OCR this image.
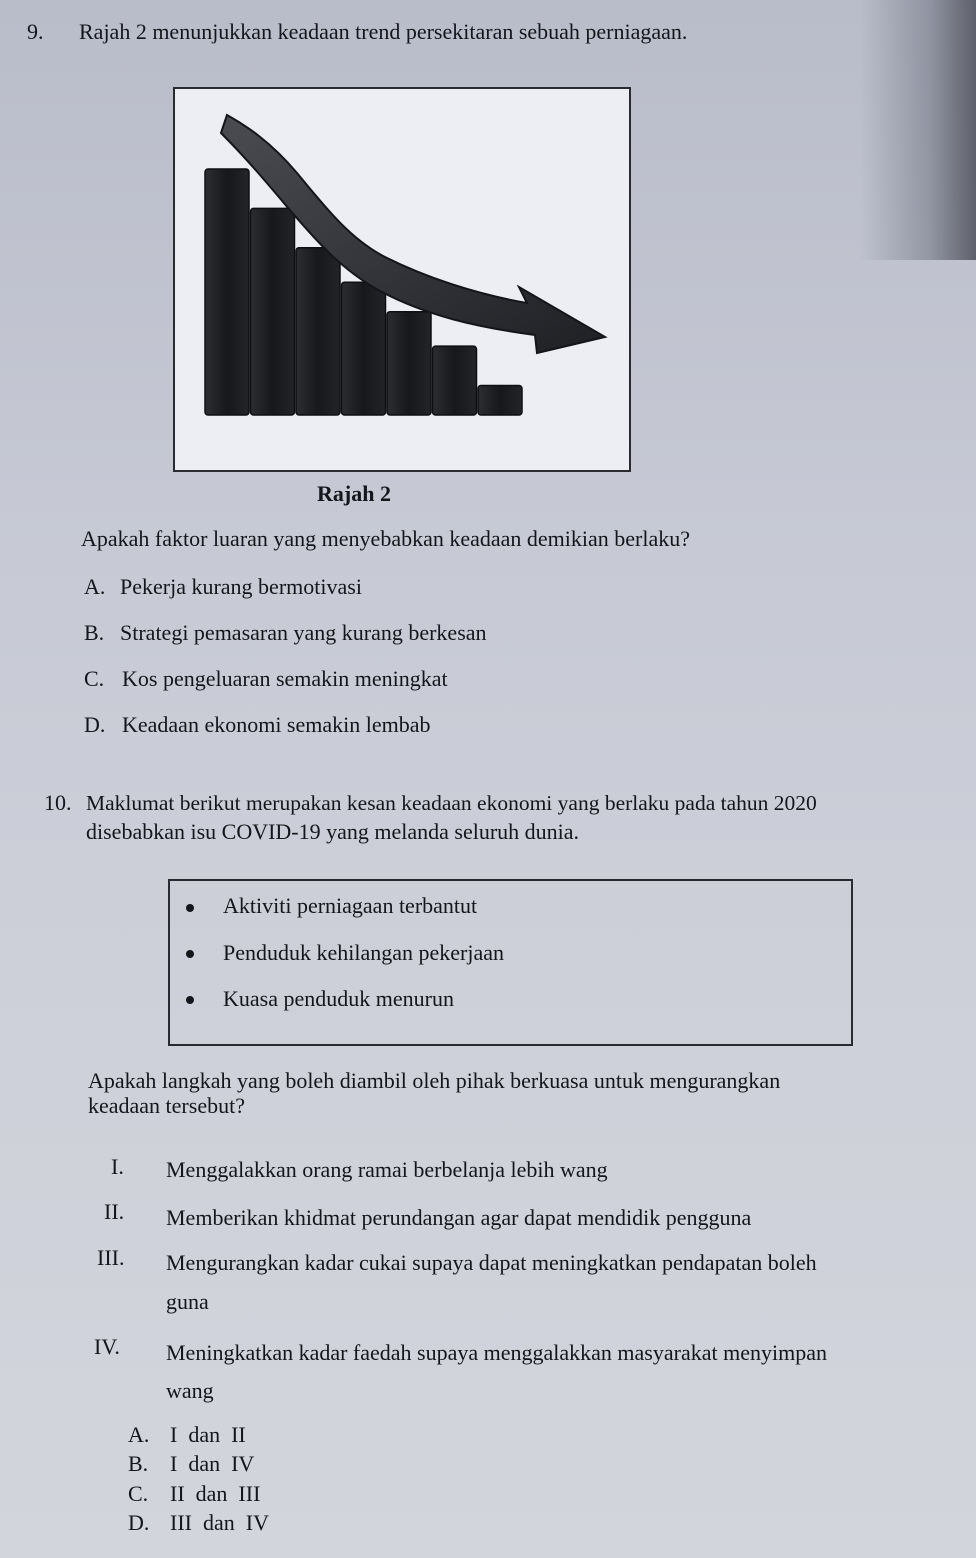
9. Rajah 2 menunjukkan keadaan trend persekitaran sebuah perniagaan.
Rajah 2
Apakah faktor luaran yang menyebabkan keadaan demikian berlaku?
A. Pekerja kurang bermotivasi
B. Strategi pemasaran yang kurang berkesan
C. Kos pengeluaran semakin meningkat
D. Keadaan ekonomi semakin lembab
10. Maklumat berikut merupakan kesan keadaan ekonomi yang berlaku pada tahun 2020
disebabkan isu COVID-19 yang melanda seluruh dunia.
Aktiviti perniagaan terbantut
Penduduk kehilangan pekerjaan
Kuasa penduduk menurun
Apakah langkah yang boleh diambil oleh pihak berkuasa untuk mengurangkan
keadaan tersebut?
I. Menggalakkan orang ramai berbelanja lebih wang
II. Memberikan khidmat perundangan agar dapat mendidik pengguna
III. Mengurangkan kadar cukai supaya dapat meningkatkan pendapatan boleh
guna
IV. Meningkatkan kadar faedah supaya menggalakkan masyarakat menyimpan
wang
A. I  dan  II
B. I  dan  IV
C. II  dan  III
D. III  dan  IV
